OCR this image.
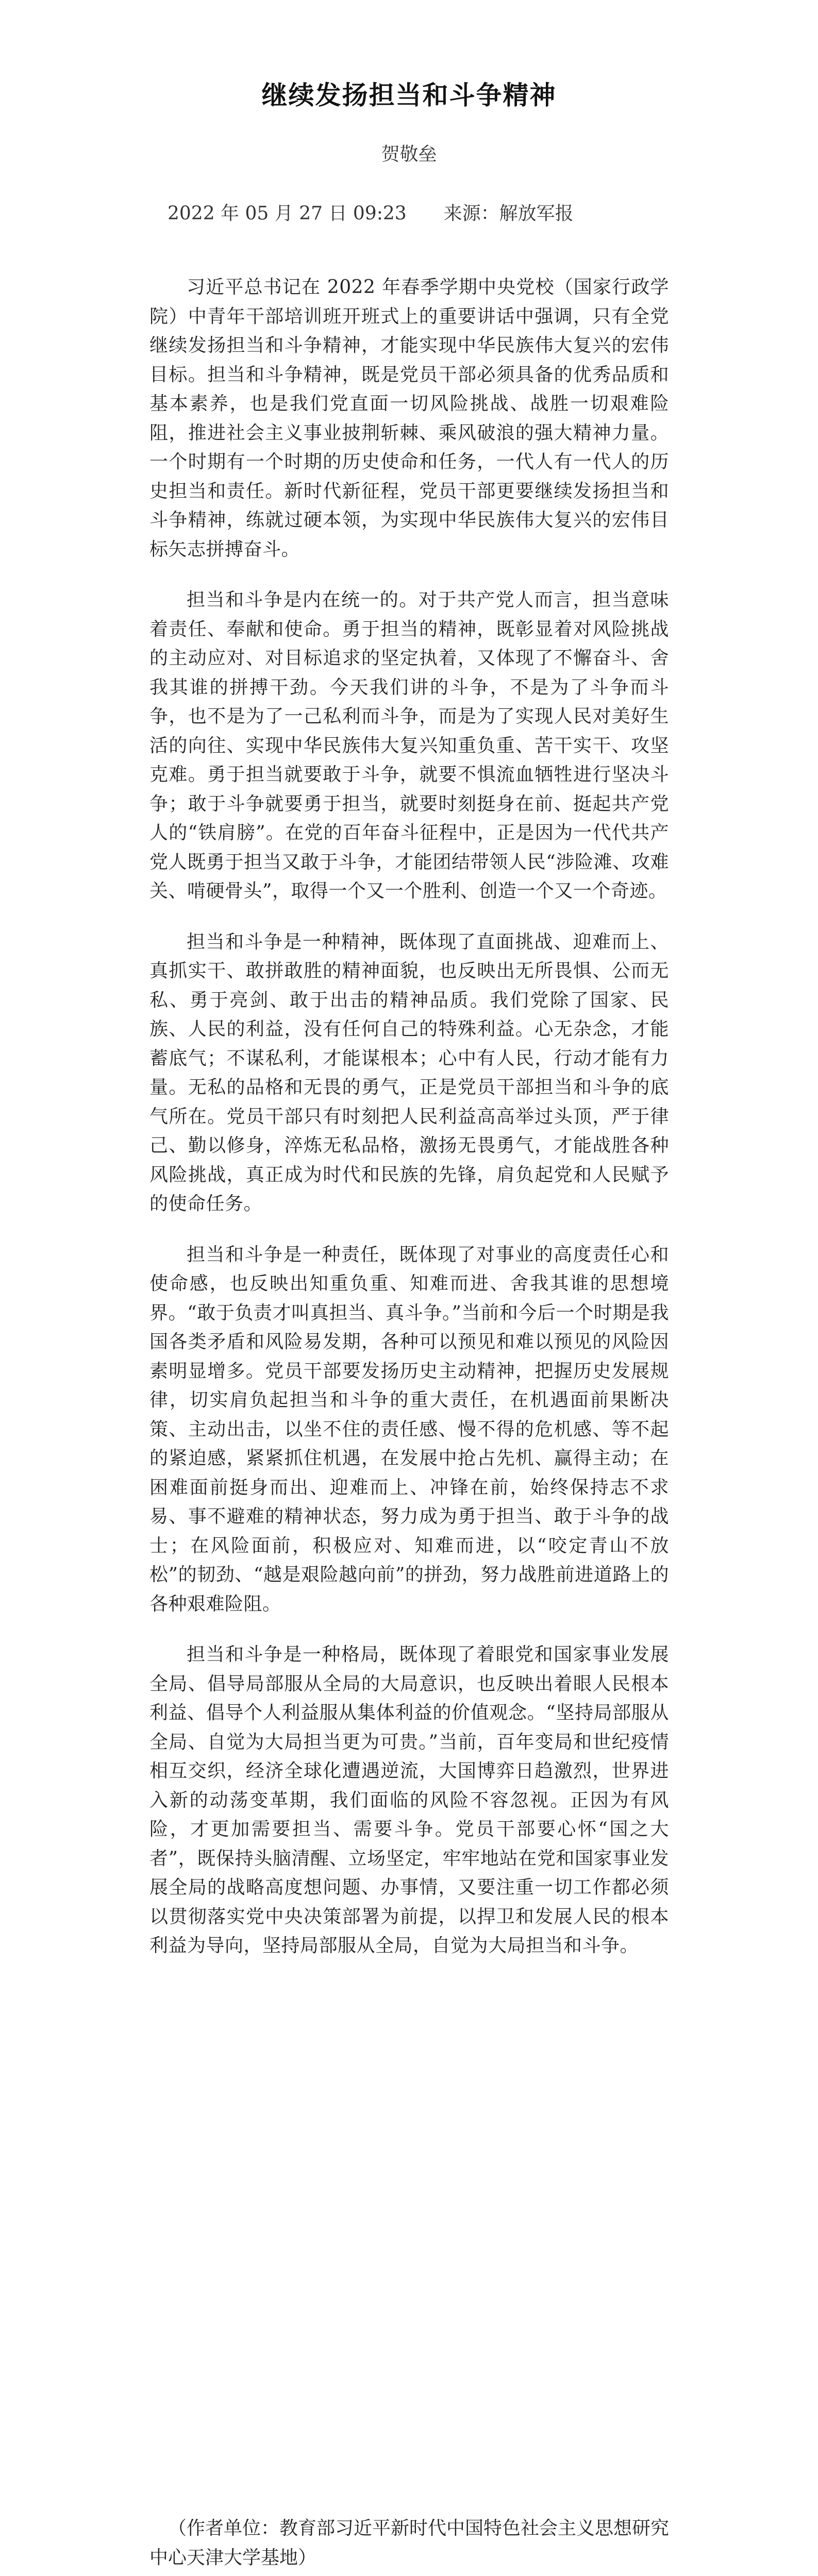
继续发扬担当和斗争精神
贺敬垒
2022 年 05 月 27 日 09:23 来源：解放军报

习近平总书记在 2022 年春季学期中央党校（国家行政学院）中青年干部培训班开班式上的重要讲话中强调，只有全党继续发扬担当和斗争精神，才能实现中华民族伟大复兴的宏伟目标。担当和斗争精神，既是党员干部必须具备的优秀品质和基本素养，也是我们党直面一切风险挑战、战胜一切艰难险阻，推进社会主义事业披荆斩棘、乘风破浪的强大精神力量。一个时期有一个时期的历史使命和任务，一代人有一代人的历史担当和责任。新时代新征程，党员干部更要继续发扬担当和斗争精神，练就过硬本领，为实现中华民族伟大复兴的宏伟目标矢志拼搏奋斗。

担当和斗争是内在统一的。对于共产党人而言，担当意味着责任、奉献和使命。勇于担当的精神，既彰显着对风险挑战的主动应对、对目标追求的坚定执着，又体现了不懈奋斗、舍我其谁的拼搏干劲。今天我们讲的斗争，不是为了斗争而斗争，也不是为了一己私利而斗争，而是为了实现人民对美好生活的向往、实现中华民族伟大复兴知重负重、苦干实干、攻坚克难。勇于担当就要敢于斗争，就要不惧流血牺牲进行坚决斗争；敢于斗争就要勇于担当，就要时刻挺身在前、挺起共产党人的“铁肩膀”。在党的百年奋斗征程中，正是因为一代代共产党人既勇于担当又敢于斗争，才能团结带领人民“涉险滩、攻难关、啃硬骨头”，取得一个又一个胜利、创造一个又一个奇迹。

担当和斗争是一种精神，既体现了直面挑战、迎难而上、真抓实干、敢拼敢胜的精神面貌，也反映出无所畏惧、公而无私、勇于亮剑、敢于出击的精神品质。我们党除了国家、民族、人民的利益，没有任何自己的特殊利益。心无杂念，才能蓄底气；不谋私利，才能谋根本；心中有人民，行动才能有力量。无私的品格和无畏的勇气，正是党员干部担当和斗争的底气所在。党员干部只有时刻把人民利益高高举过头顶，严于律己、勤以修身，淬炼无私品格，激扬无畏勇气，才能战胜各种风险挑战，真正成为时代和民族的先锋，肩负起党和人民赋予的使命任务。

担当和斗争是一种责任，既体现了对事业的高度责任心和使命感，也反映出知重负重、知难而进、舍我其谁的思想境界。“敢于负责才叫真担当、真斗争。”当前和今后一个时期是我国各类矛盾和风险易发期，各种可以预见和难以预见的风险因素明显增多。党员干部要发扬历史主动精神，把握历史发展规律，切实肩负起担当和斗争的重大责任，在机遇面前果断决策、主动出击，以坐不住的责任感、慢不得的危机感、等不起的紧迫感，紧紧抓住机遇，在发展中抢占先机、赢得主动；在困难面前挺身而出、迎难而上、冲锋在前，始终保持志不求易、事不避难的精神状态，努力成为勇于担当、敢于斗争的战士；在风险面前，积极应对、知难而进，以“咬定青山不放松”的韧劲、“越是艰险越向前”的拼劲，努力战胜前进道路上的各种艰难险阻。

担当和斗争是一种格局，既体现了着眼党和国家事业发展全局、倡导局部服从全局的大局意识，也反映出着眼人民根本利益、倡导个人利益服从集体利益的价值观念。“坚持局部服从全局、自觉为大局担当更为可贵。”当前，百年变局和世纪疫情相互交织，经济全球化遭遇逆流，大国博弈日趋激烈，世界进入新的动荡变革期，我们面临的风险不容忽视。正因为有风险，才更加需要担当、需要斗争。党员干部要心怀“国之大者”，既保持头脑清醒、立场坚定，牢牢地站在党和国家事业发展全局的战略高度想问题、办事情，又要注重一切工作都必须以贯彻落实党中央决策部署为前提，以捍卫和发展人民的根本利益为导向，坚持局部服从全局，自觉为大局担当和斗争。

（作者单位：教育部习近平新时代中国特色社会主义思想研究中心天津大学基地）
